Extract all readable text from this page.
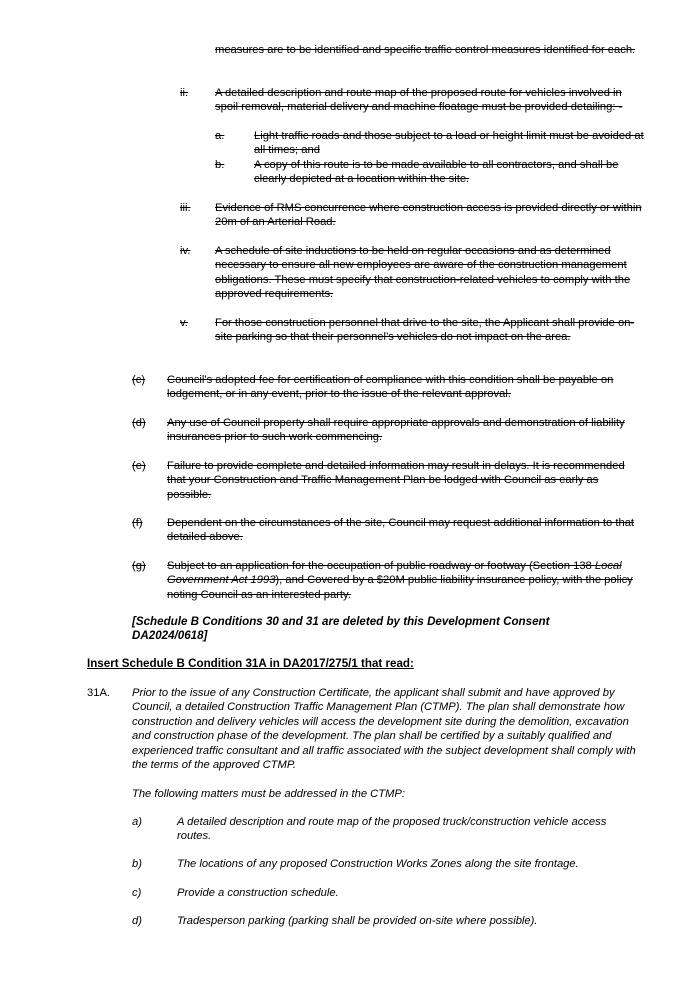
measures are to be identified and specific traffic control measures identified for each.
ii. A detailed description and route map of the proposed route for vehicles involved in spoil removal, material delivery and machine floatage must be provided detailing: -
a.	Light traffic roads and those subject to a load or height limit must be avoided at all times; and
b.	A copy of this route is to be made available to all contractors, and shall be clearly depicted at a location within the site.
iii. Evidence of RMS concurrence where construction access is provided directly or within 20m of an Arterial Road.
iv. A schedule of site inductions to be held on regular occasions and as determined necessary to ensure all new employees are aware of the construction management obligations. These must specify that construction-related vehicles to comply with the approved requirements.
v. For those construction personnel that drive to the site, the Applicant shall provide on-site parking so that their personnel’s vehicles do not impact on the area.
(c) Council’s adopted fee for certification of compliance with this condition shall be payable on lodgement, or in any event, prior to the issue of the relevant approval.
(d) Any use of Council property shall require appropriate approvals and demonstration of liability insurances prior to such work commencing.
(e) Failure to provide complete and detailed information may result in delays. It is recommended that your Construction and Traffic Management Plan be lodged with Council as early as possible.
(f) Dependent on the circumstances of the site, Council may request additional information to that detailed above.
(g) Subject to an application for the occupation of public roadway or footway (Section 138 Local Government Act 1993), and Covered by a $20M public liability insurance policy, with the policy noting Council as an interested party.
[Schedule B Conditions 30 and 31 are deleted by this Development Consent DA2024/0618]
Insert Schedule B Condition 31A in DA2017/275/1 that read:
31A. Prior to the issue of any Construction Certificate, the applicant shall submit and have approved by Council, a detailed Construction Traffic Management Plan (CTMP). The plan shall demonstrate how construction and delivery vehicles will access the development site during the demolition, excavation and construction phase of the development. The plan shall be certified by a suitably qualified and experienced traffic consultant and all traffic associated with the subject development shall comply with the terms of the approved CTMP.
The following matters must be addressed in the CTMP:
a)	A detailed description and route map of the proposed truck/construction vehicle access routes.
b)	The locations of any proposed Construction Works Zones along the site frontage.
c)	Provide a construction schedule.
d)	Tradesperson parking (parking shall be provided on-site where possible).
